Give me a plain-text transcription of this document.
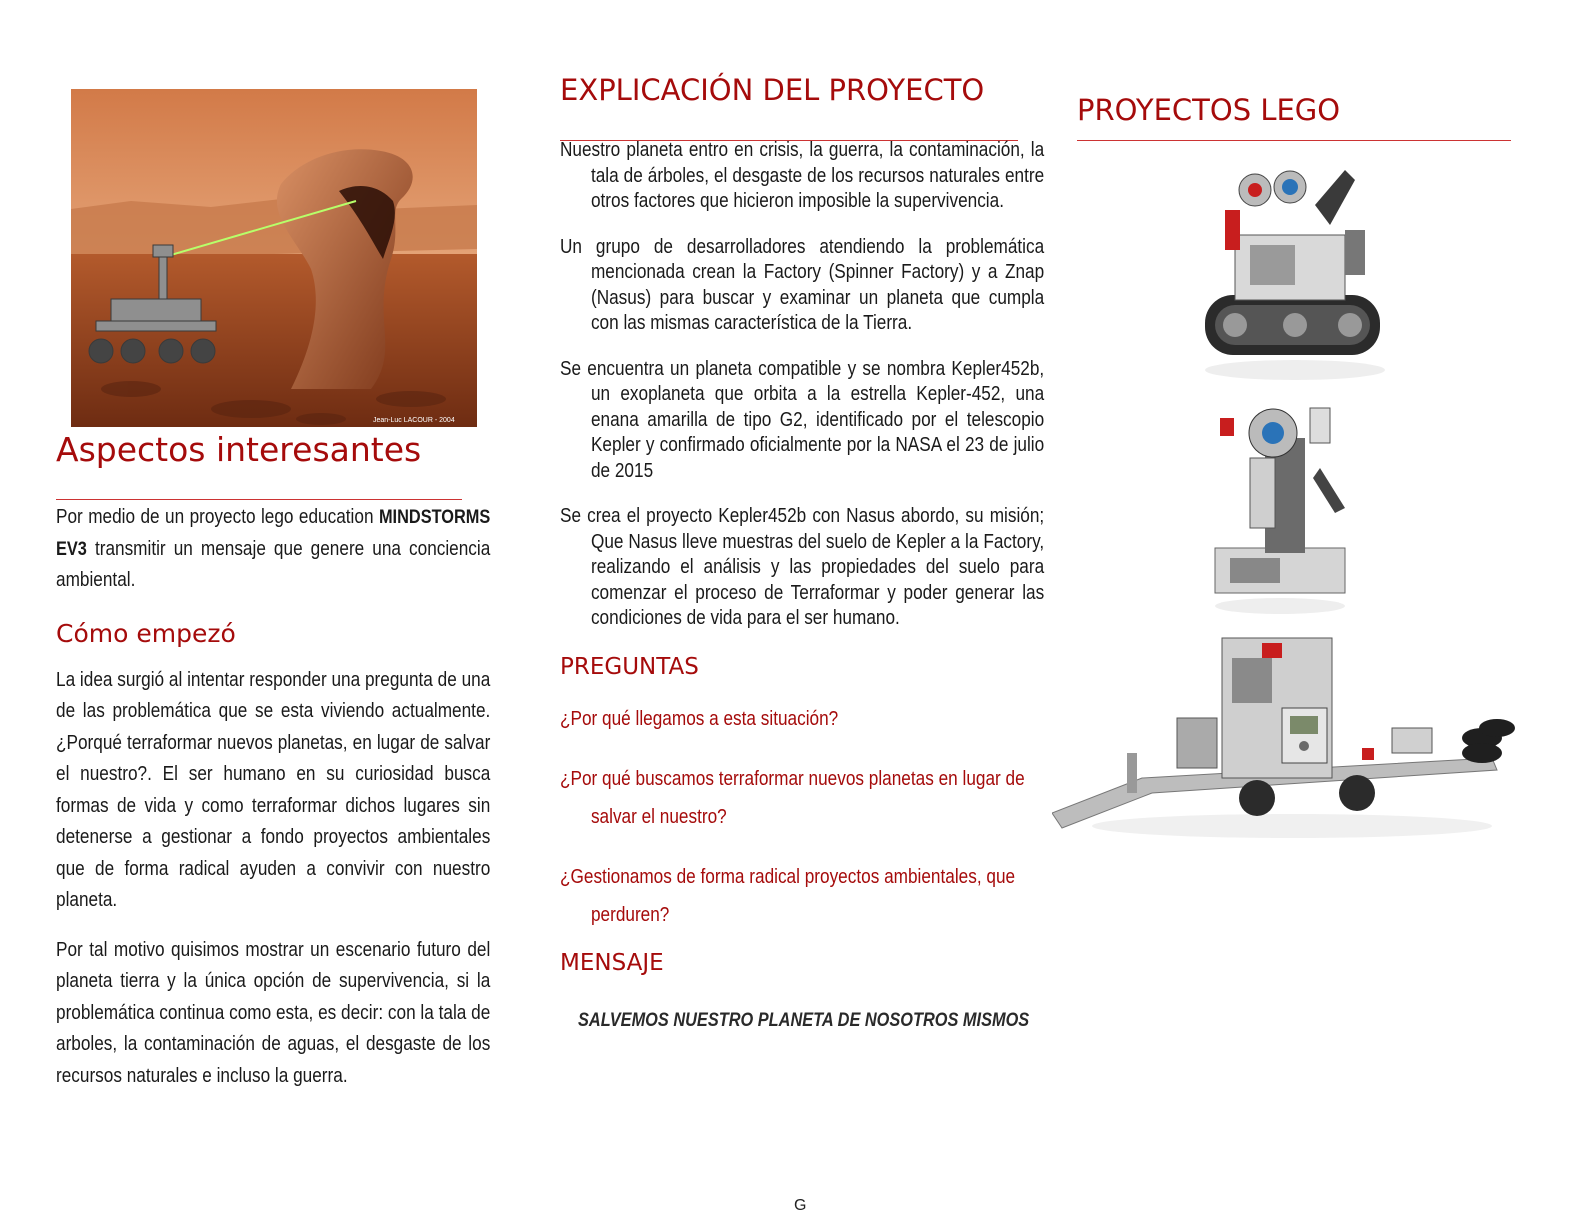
Jean-Luc LACOUR - 2004
Aspectos interesantes
Por medio de un proyecto lego education MINDSTORMS EV3 transmitir un mensaje que genere una conciencia ambiental.
Cómo empezó
La idea surgió al intentar responder una pregunta de una de las problemática que se esta viviendo actualmente. ¿Porqué terraformar nuevos planetas, en lugar de salvar el nuestro?. El ser humano en su curiosidad busca formas de vida y como terraformar dichos lugares sin detenerse a gestionar a fondo proyectos ambientales que de forma radical ayuden a convivir con nuestro planeta.
Por tal motivo quisimos mostrar un escenario futuro del planeta tierra y la única opción de supervivencia, si la problemática continua como esta, es decir: con la tala de arboles, la contaminación de aguas, el desgaste de los recursos naturales e incluso la guerra.
EXPLICACIÓN DEL PROYECTO

Nuestro planeta entro en crisis, la guerra, la contaminación, la tala de árboles, el desgaste de los recursos naturales entre otros factores que hicieron imposible la supervivencia.

Un grupo de desarrolladores atendiendo la problemática mencionada crean la Factory (Spinner Factory) y a Znap (Nasus) para buscar y examinar un planeta que cumpla con las mismas característica de la Tierra.

Se encuentra un planeta compatible y se nombra Kepler452b, un exoplaneta que orbita a la estrella Kepler-452, una enana amarilla de tipo G2, identificado por el telescopio Kepler y confirmado oficialmente por la NASA el 23 de julio de 2015

Se crea el proyecto Kepler452b con Nasus abordo, su misión; Que Nasus lleve muestras del suelo de Kepler a la Factory, realizando el análisis y las propiedades del suelo para comenzar el proceso de Terraformar y poder generar las condiciones de vida para el ser humano.

PREGUNTAS

¿Por qué llegamos a esta situación?

¿Por qué buscamos terraformar nuevos planetas en lugar de salvar el nuestro?

¿Gestionamos de forma radical proyectos ambientales, que perduren?

MENSAJE
SALVEMOS NUESTRO PLANETA DE NOSOTROS MISMOS
PROYECTOS LEGO
G
